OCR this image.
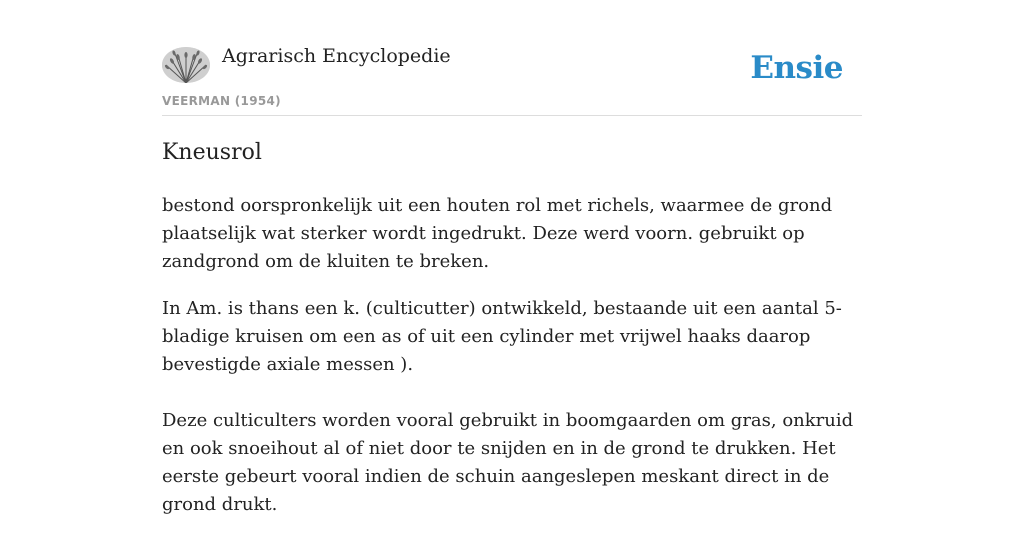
Agrarisch Encyclopedie
VEERMAN (1954)
Ensie
Kneusrol

bestond oorspronkelijk uit een houten rol met richels, waarmee de grond plaatselijk wat sterker wordt ingedrukt. Deze werd voorn. gebruikt op zandgrond om de kluiten te breken.

In Am. is thans een k. (culticutter) ontwikkeld, bestaande uit een aantal 5-bladige kruisen om een as of uit een cylinder met vrijwel haaks daarop bevestigde axiale messen ).

Deze culticulters worden vooral gebruikt in boomgaarden om gras, onkruid en ook snoeihout al of niet door te snijden en in de grond te drukken. Het eerste gebeurt vooral indien de schuin aangeslepen meskant direct in de grond drukt.
